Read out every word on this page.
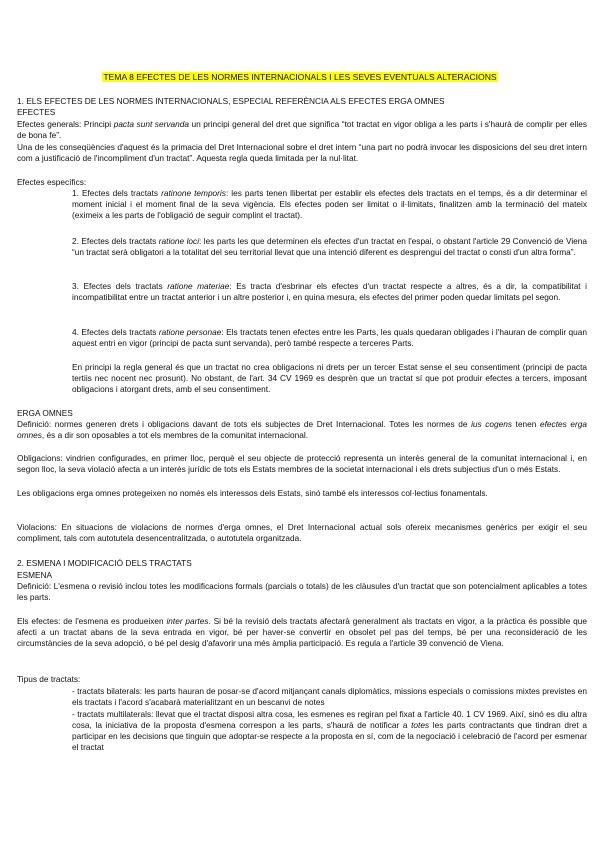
TEMA 8 EFECTES DE LES NORMES INTERNACIONALS I LES SEVES EVENTUALS ALTERACIONS

1. ELS EFECTES DE LES NORMES INTERNACIONALS, ESPECIAL REFERÈNCIA ALS EFECTES ERGA OMNES

EFECTES

Efectes generals: Principi pacta sunt servanda un principi general del dret que significa “tot tractat en vigor obliga a les parts i s'haurà de complir per elles de bona fe”.

Una de les conseqüències d'aquest és la primacia del Dret Internacional sobre el dret intern “una part no podrà invocar les disposicions del seu dret intern com a justificació de l'incompliment d'un tractat”. Aquesta regla queda limitada per la nul·litat.

Efectes específics:

1. Efectes dels tractats ratinone temporis: les parts tenen llibertat per establir els efectes dels tractats en el temps, és a dir determinar el moment inicial i el moment final de la seva vigència. Els efectes poden ser limitat o il·limitats, finalitzen amb la terminació del mateix (eximeix a les parts de l'obligació de seguir complint el tractat).

2. Efectes dels tractats ratione loci: les parts les que determinen els efectes d'un tractat en l'espai, o obstant l'article 29 Convenció de Viena “un tractat serà obligatori a la totalitat del seu territorial llevat que una intenció diferent es desprengui del tractat o consti d'un altra forma”.

3. Efectes dels tractats ratione materiae: Es tracta d'esbrinar els efectes d'un tractat respecte a altres, és a dir, la compatibilitat i incompatibilitat entre un tractat anterior i un altre posterior i, en quina mesura, els efectes del primer poden quedar limitats pel segon.

4. Efectes dels tractats ratione personae: Els tractats tenen efectes entre les Parts, les quals quedaran obligades i l'hauran de complir quan aquest entri en vigor (principi de pacta sunt servanda), però també respecte a terceres Parts.

En principi la regla general és que un tractat no crea obligacions ni drets per un tercer Estat sense el seu consentiment (principi de pacta tertiis nec nocent nec prosunt). No obstant, de l'art. 34 CV 1969 es desprèn que un tractat sí que pot produir efectes a tercers, imposant obligacions i atorgant drets, amb el seu consentiment.

ERGA OMNES

Definició: normes generen drets i obligacions davant de tots els subjectes de Dret Internacional. Totes les normes de ius cogens tenen efectes erga omnes, és a dir son oposables a tot els membres de la comunitat internacional.

Obligacions: vindrien configurades, en primer lloc, perquè el seu objecte de protecció representa un interès general de la comunitat internacional i, en segon lloc, la seva violació afecta a un interès jurídic de tots els Estats membres de la societat internacional i els drets subjectius d'un o més Estats.

Les obligacions erga omnes protegeixen no només els interessos dels Estats, sinó també els interessos col·lectius fonamentals.

Violacions: En situacions de violacions de normes d'erga omnes, el Dret Internacional actual sols ofereix mecanismes genèrics per exigir el seu compliment, tals com autotutela desencentralitzada, o autotutela organitzada.

2. ESMENA I MODIFICACIÓ DELS TRACTATS

ESMENA

Definició: L'esmena o revisió inclou totes les modificacions formals (parcials o totals) de les clàusules d'un tractat que son potencialment aplicables a totes les parts.

Els efectes: de l'esmena es produeixen inter partes. Si bé la revisió dels tractats afectarà generalment als tractats en vigor, a la pràctica és possible que afecti a un tractat abans de la seva entrada en vigor, bé per haver-se convertir en obsolet pel pas del temps, bé per una reconsideració de les circumstàncies de la seva adopció, o bé pel desig d'afavorir una més àmplia participació. Es regula a l'article 39 convenció de Viena.

Tipus de tractats:

- tractats bilaterals: les parts hauran de posar-se d'acord mitjançant canals diplomàtics, missions especials o comissions mixtes previstes en els tractats i l'acord s'acabarà materialitzant en un bescanvi de notes

- tractats multilaterals: llevat que el tractat disposi altra cosa, les esmenes es regiran pel fixat a l'article 40. 1 CV 1969. Així, sinó es diu altra cosa, la iniciativa de la proposta d'esmena correspon a les parts, s'haurà de notificar a totes les parts contractants que tindran dret a participar en les decisions que tinguin que adoptar-se respecte a la proposta en sí, com de la negociació i celebració de l'acord per esmenar el tractat
